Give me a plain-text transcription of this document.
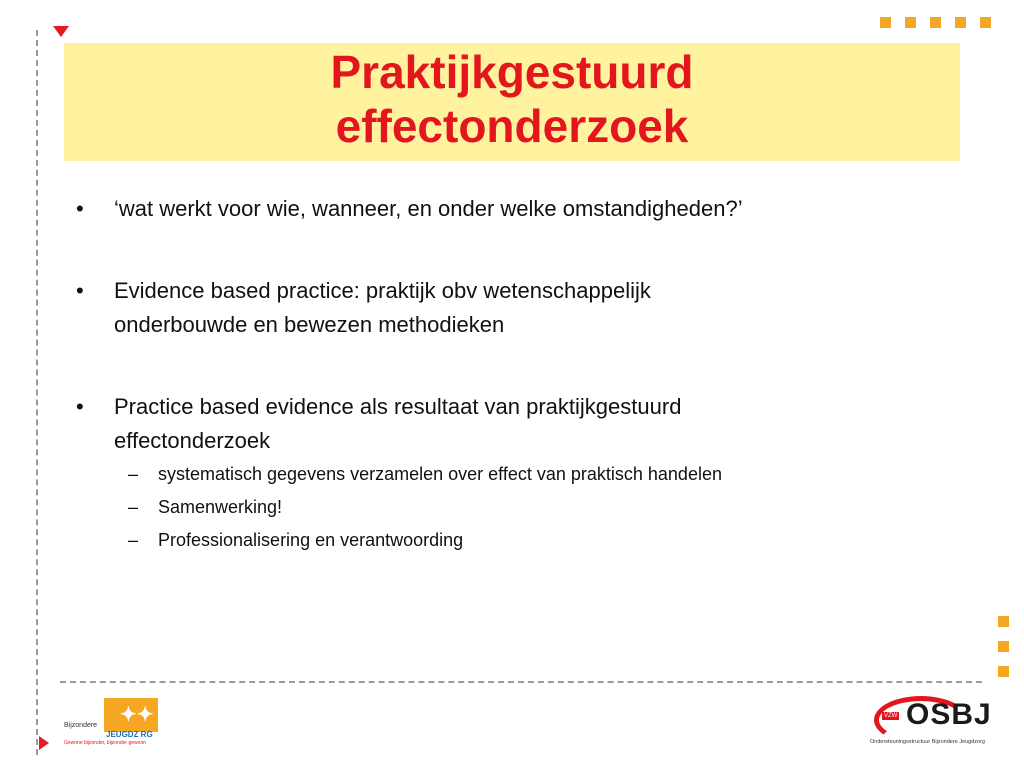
Praktijkgestuurd
effectonderzoek
• ‘wat werkt voor wie, wanneer, en onder welke omstandigheden?’
• Evidence based practice: praktijk obv wetenschappelijk
onderbouwde en bewezen methodieken
• Practice based evidence als resultaat van praktijkgestuurd
effectonderzoek
– systematisch gegevens verzamelen over effect van praktisch handelen
– Samenwerking!
– Professionalisering en verantwoording
✦✦
Bijzondere
JEUGDZ RG
Gewone bijzonder, bijzonder gewoon
VZW OSBJ
Ondersteuningsstructuur Bijzondere Jeugdzorg
